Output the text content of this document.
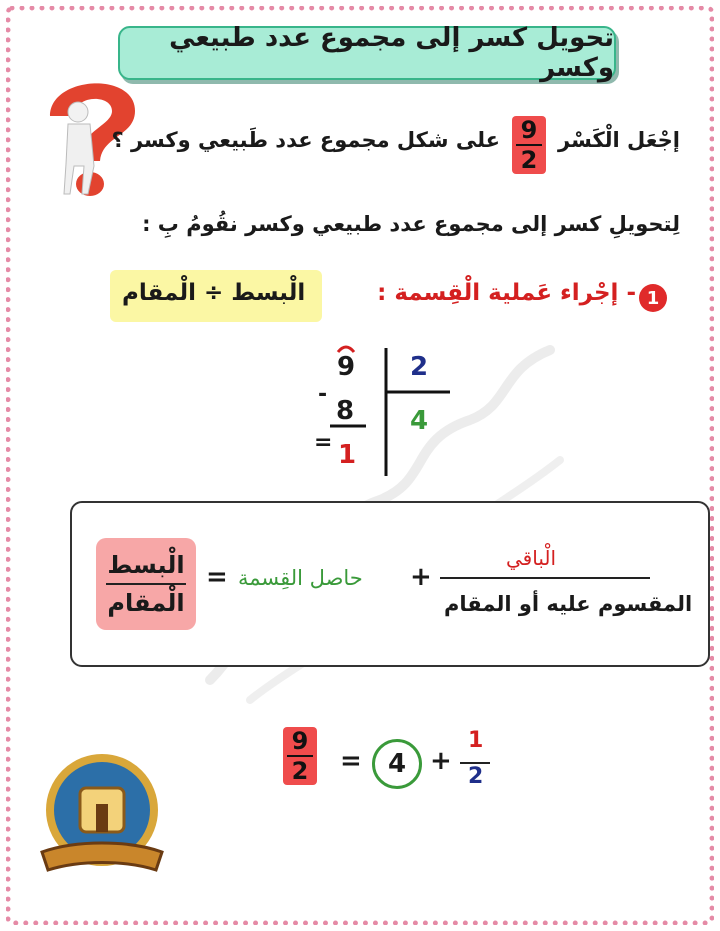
تحويل كسر إلى مجموع عدد طبيعي وكسر
إجْعَل الْكَسْر
9
2
على شكل مجموع عدد طَبيعي وكسر ؟
لِتحويلِ كسر إلى مجموع عدد طبيعي وكسر نقُومُ بِ :
1
- إجْراء عَملية الْقِسمة :
الْبسط ÷ الْمقام
9
-
8
= 1
2
4
الْبسط
الْمقام
= حاصل القِسمة +
الْباقي
المقسوم عليه أو المقام
9
2 = 4 +
1
2
